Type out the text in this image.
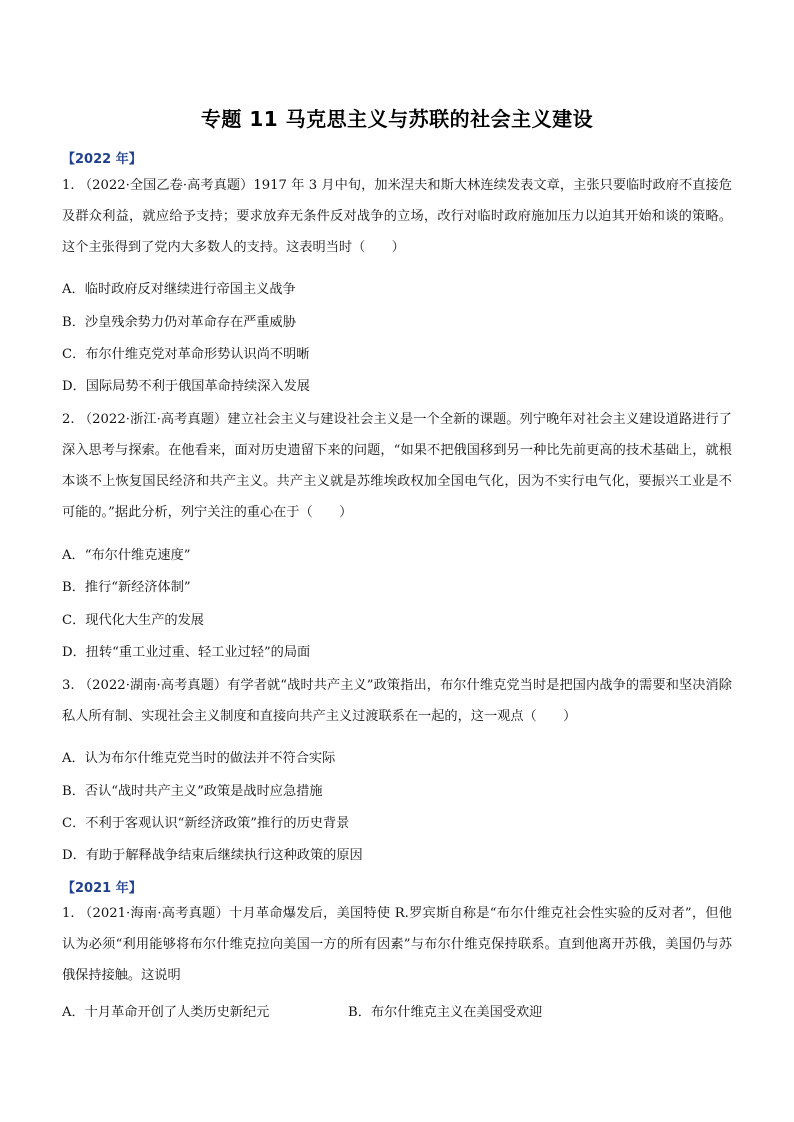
专题 11 马克思主义与苏联的社会主义建设
【2022 年】
1. （2022·全国乙卷·高考真题）1917 年 3 月中旬，加米涅夫和斯大林连续发表文章，主张只要临时政府不直接危及群众利益，就应给予支持；要求放弃无条件反对战争的立场，改行对临时政府施加压力以迫其开始和谈的策略。这个主张得到了党内大多数人的支持。这表明当时（　　）
A．临时政府反对继续进行帝国主义战争
B．沙皇残余势力仍对革命存在严重威胁
C．布尔什维克党对革命形势认识尚不明晰
D．国际局势不利于俄国革命持续深入发展
2. （2022·浙江·高考真题）建立社会主义与建设社会主义是一个全新的课题。列宁晚年对社会主义建设道路进行了深入思考与探索。在他看来，面对历史遗留下来的问题，“如果不把俄国移到另一种比先前更高的技术基础上，就根本谈不上恢复国民经济和共产主义。共产主义就是苏维埃政权加全国电气化，因为不实行电气化，要振兴工业是不可能的。”据此分析，列宁关注的重心在于（　　）
A．“布尔什维克速度”
B．推行“新经济体制”
C．现代化大生产的发展
D．扭转“重工业过重、轻工业过轻”的局面
3. （2022·湖南·高考真题）有学者就“战时共产主义”政策指出，布尔什维克党当时是把国内战争的需要和坚决消除私人所有制、实现社会主义制度和直接向共产主义过渡联系在一起的，这一观点（　　）
A．认为布尔什维克党当时的做法并不符合实际
B．否认“战时共产主义”政策是战时应急措施
C．不利于客观认识“新经济政策”推行的历史背景
D．有助于解释战争结束后继续执行这种政策的原因
【2021 年】
1. （2021·海南·高考真题）十月革命爆发后，美国特使 R.罗宾斯自称是“布尔什维克社会性实验的反对者”，但他认为必须“利用能够将布尔什维克拉向美国一方的所有因素”与布尔什维克保持联系。直到他离开苏俄，美国仍与苏俄保持接触。这说明
A．十月革命开创了人类历史新纪元	B．布尔什维克主义在美国受欢迎
